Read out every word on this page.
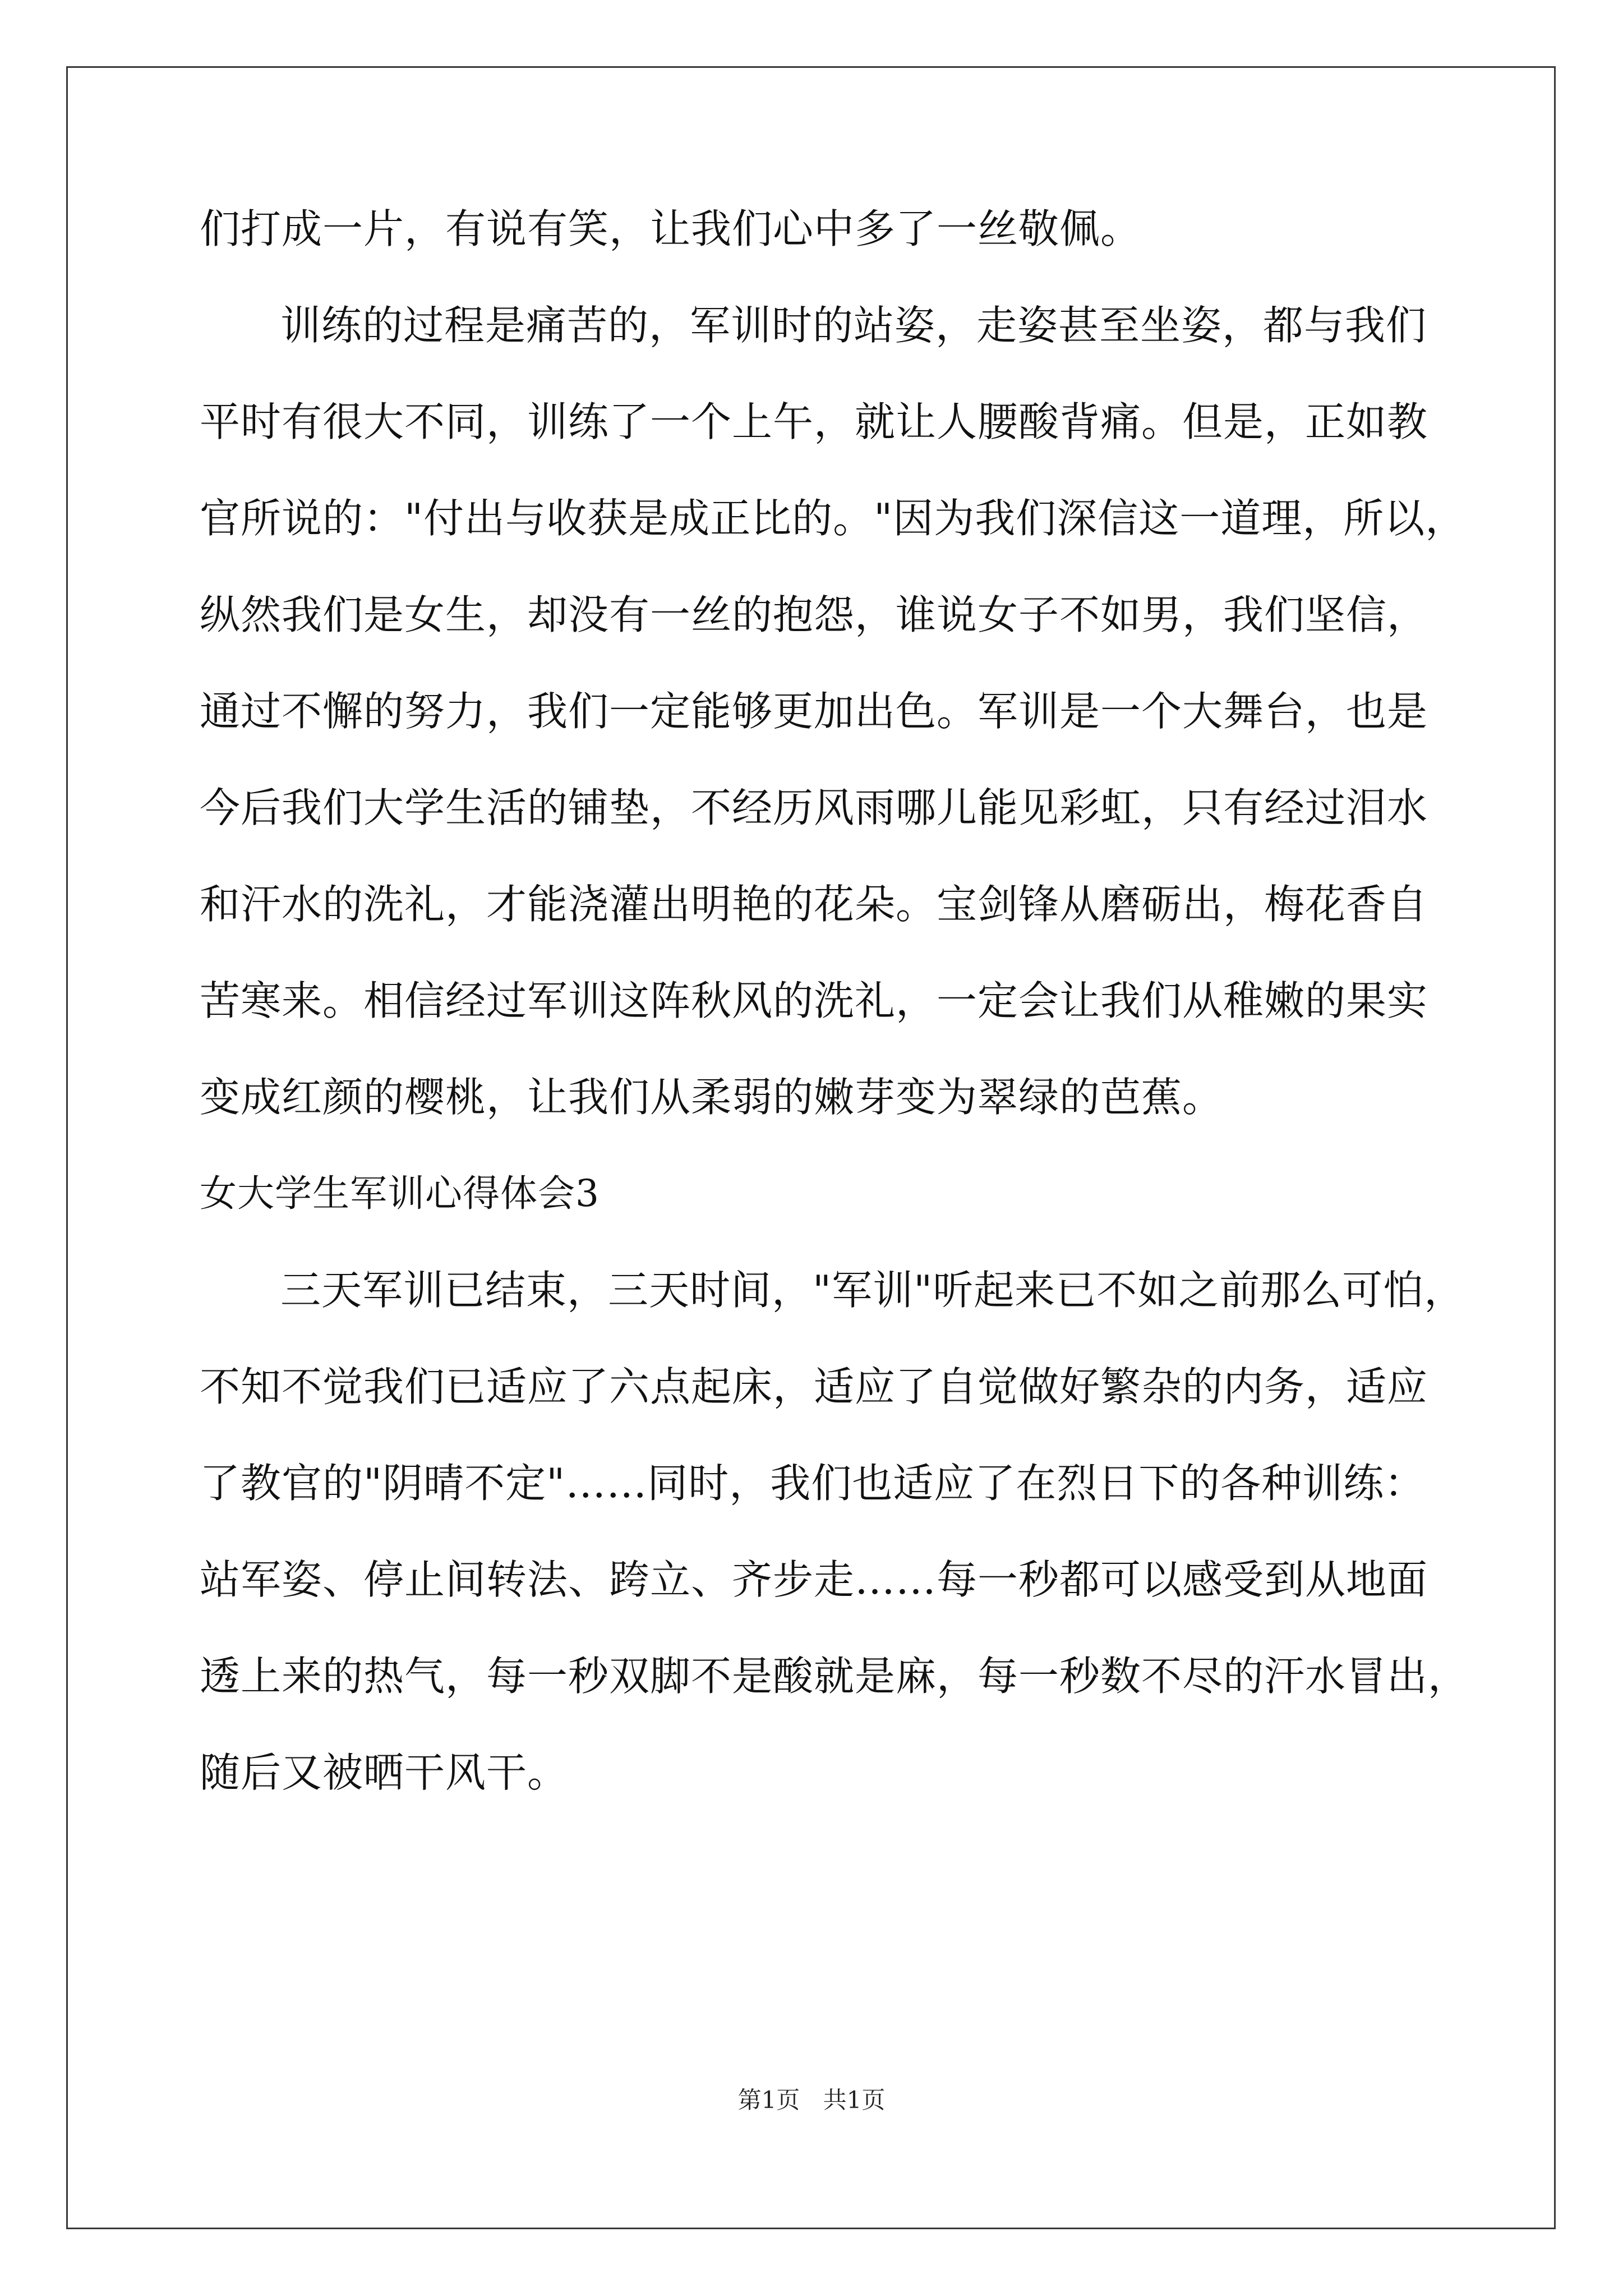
们打成一片，有说有笑，让我们心中多了一丝敬佩。
训练的过程是痛苦的，军训时的站姿，走姿甚至坐姿，都与我们
平时有很大不同，训练了一个上午，就让人腰酸背痛。但是，正如教
官所说的："付出与收获是成正比的。"因为我们深信这一道理，所以，
纵然我们是女生，却没有一丝的抱怨，谁说女子不如男，我们坚信，
通过不懈的努力，我们一定能够更加出色。军训是一个大舞台，也是
今后我们大学生活的铺垫，不经历风雨哪儿能见彩虹，只有经过泪水
和汗水的洗礼，才能浇灌出明艳的花朵。宝剑锋从磨砺出，梅花香自
苦寒来。相信经过军训这阵秋风的洗礼，一定会让我们从稚嫩的果实
变成红颜的樱桃，让我们从柔弱的嫩芽变为翠绿的芭蕉。
女大学生军训心得体会3
三天军训已结束，三天时间，"军训"听起来已不如之前那么可怕，
不知不觉我们已适应了六点起床，适应了自觉做好繁杂的内务，适应
了教官的"阴晴不定"……同时，我们也适应了在烈日下的各种训练：
站军姿、停止间转法、跨立、齐步走……每一秒都可以感受到从地面
透上来的热气，每一秒双脚不是酸就是麻，每一秒数不尽的汗水冒出，
随后又被晒干风干。
第1页 共1页
